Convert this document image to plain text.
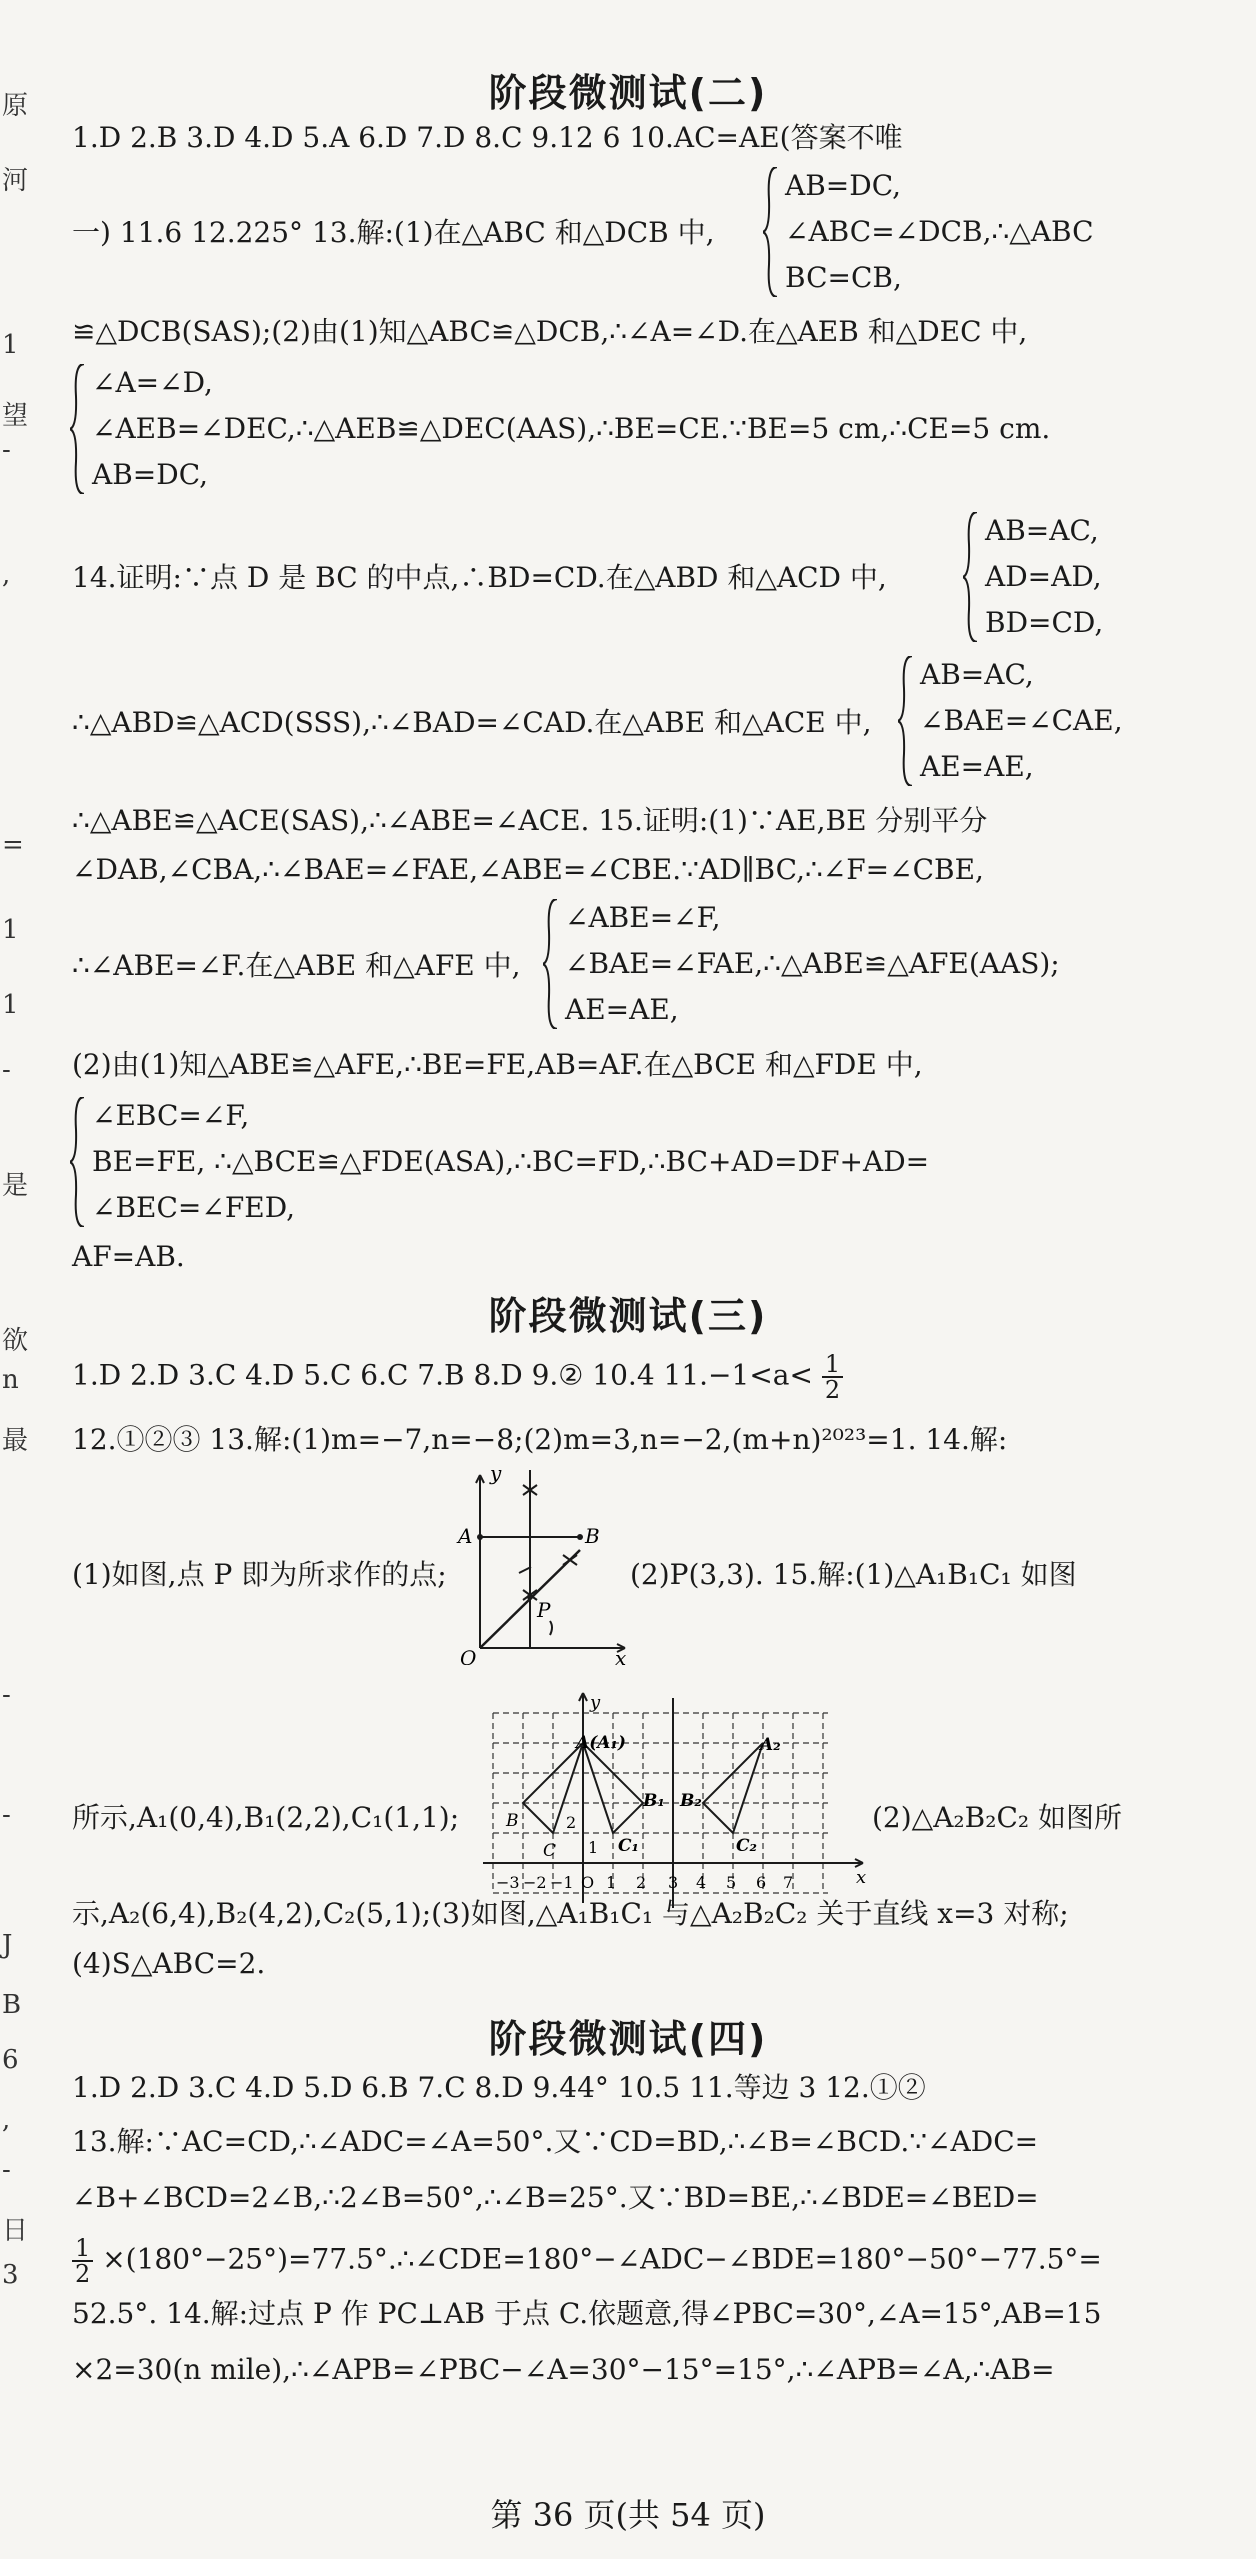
原
河
1
望
-
,
=
1
1
-
是
欲
n
最
-
-
J
B
6
,
-
日
3
阶段微测试(二)
1.D 2.B 3.D 4.D 5.A 6.D 7.D 8.C 9.12 6 10.AC=AE(答案不唯
一) 11.6 12.225° 13.解:(1)在△ABC 和△DCB 中,
AB=DC,
∠ABC=∠DCB,∴△ABC
BC=CB,
≌△DCB(SAS);(2)由(1)知△ABC≌△DCB,∴∠A=∠D.在△AEB 和△DEC 中,
∠A=∠D,
∠AEB=∠DEC,∴△AEB≌△DEC(AAS),∴BE=CE.∵BE=5 cm,∴CE=5 cm.
AB=DC,
14.证明:∵点 D 是 BC 的中点,∴BD=CD.在△ABD 和△ACD 中,
AB=AC,
AD=AD,
BD=CD,
∴△ABD≌△ACD(SSS),∴∠BAD=∠CAD.在△ABE 和△ACE 中,
AB=AC,
∠BAE=∠CAE,
AE=AE,
∴△ABE≌△ACE(SAS),∴∠ABE=∠ACE. 15.证明:(1)∵AE,BE 分别平分
∠DAB,∠CBA,∴∠BAE=∠FAE,∠ABE=∠CBE.∵AD∥BC,∴∠F=∠CBE,
∴∠ABE=∠F.在△ABE 和△AFE 中,
∠ABE=∠F,
∠BAE=∠FAE,∴△ABE≌△AFE(AAS);
AE=AE,
(2)由(1)知△ABE≌△AFE,∴BE=FE,AB=AF.在△BCE 和△FDE 中,
∠EBC=∠F,
BE=FE, ∴△BCE≌△FDE(ASA),∴BC=FD,∴BC+AD=DF+AD=
∠BEC=∠FED,
AF=AB.
阶段微测试(三)
1.D 2.D 3.C 4.D 5.C 6.C 7.B 8.D 9.② 10.4 $11.-1<a< \frac{1}{2}$
12.①②③ 13.解:(1)m=−7,n=−8;(2)m=3,n=−2,(m+n)²⁰²³=1. 14.解:
(1)如图,点 P 即为所求作的点;	(2)P(3,3). 15.解:(1)△A₁B₁C₁ 如图
y
x
O
A	B
P
所示,A₁(0,4),B₁(2,2),C₁(1,1);	(2)△A₂B₂C₂ 如图所
y
x
A(A₁)	A₂
B
B₁ B₂
C	C₁	C₂
1
2
−3 −2 −1 O 1 2 3 4 5 6 7
示,A₂(6,4),B₂(4,2),C₂(5,1);(3)如图,△A₁B₁C₁ 与△A₂B₂C₂ 关于直线 x=3 对称;
(4)S△ABC=2.
阶段微测试(四)
1.D 2.D 3.C 4.D 5.D 6.B 7.C 8.D 9.44° 10.5 11.等边 3 12.①②
13.解:∵AC=CD,∴∠ADC=∠A=50°.又∵CD=BD,∴∠B=∠BCD.∵∠ADC=
∠B+∠BCD=2∠B,∴2∠B=50°,∴∠B=25°.又∵BD=BE,∴∠BDE=∠BED=
$\frac{1}{2}$ ×(180°−25°)=77.5°.∴∠CDE=180°−∠ADC−∠BDE=180°−50°−77.5°=
52.5°. 14.解:过点 P 作 PC⊥AB 于点 C.依题意,得∠PBC=30°,∠A=15°,AB=15
×2=30(n mile),∴∠APB=∠PBC−∠A=30°−15°=15°,∴∠APB=∠A,∴AB=
第 36 页(共 54 页)
